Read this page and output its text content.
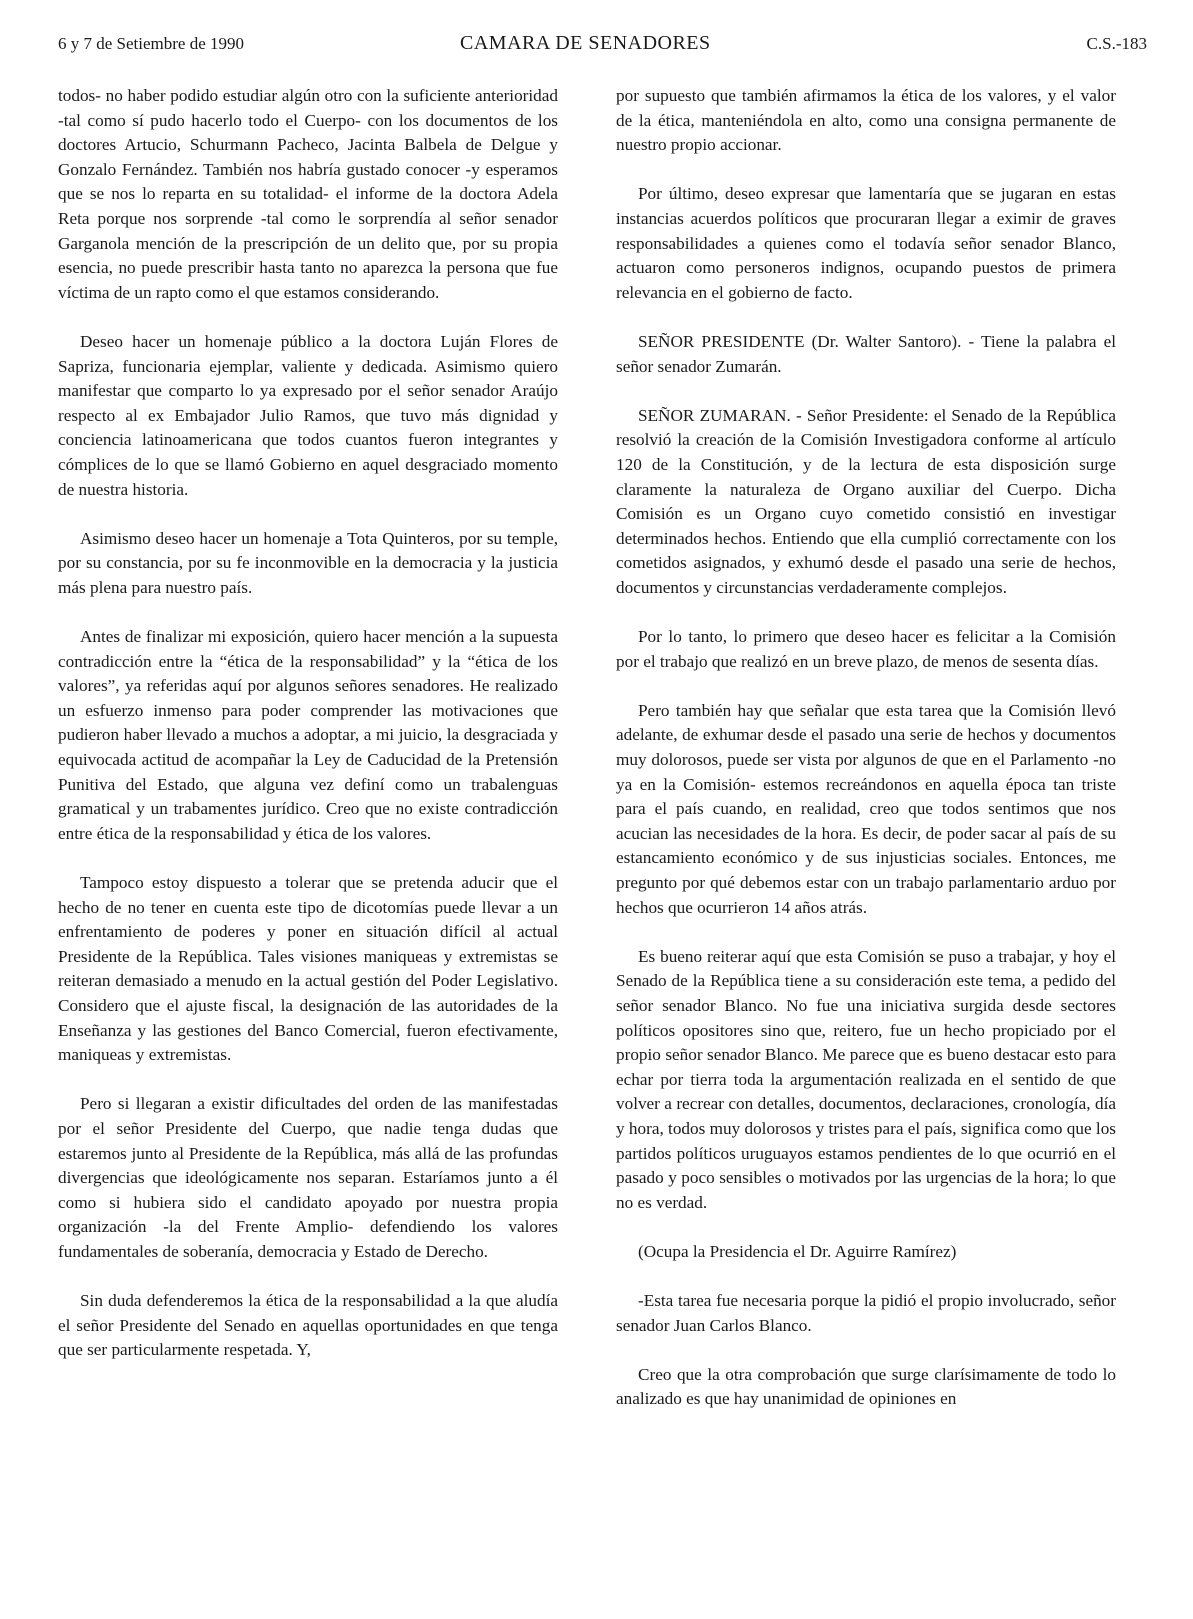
6 y 7 de Setiembre de 1990	CAMARA DE SENADORES	C.S.-183

todos- no haber podido estudiar algún otro con la suficiente anterioridad -tal como sí pudo hacerlo todo el Cuerpo- con los documentos de los doctores Artucio, Schurmann Pacheco, Jacinta Balbela de Delgue y Gonzalo Fernández. También nos habría gustado conocer -y esperamos que se nos lo reparta en su totalidad- el informe de la doctora Adela Reta porque nos sorprende -tal como le sorprendía al señor senador Garganola mención de la prescripción de un delito que, por su propia esencia, no puede prescribir hasta tanto no aparezca la persona que fue víctima de un rapto como el que estamos considerando.

Deseo hacer un homenaje público a la doctora Luján Flores de Sapriza, funcionaria ejemplar, valiente y dedicada. Asimismo quiero manifestar que comparto lo ya expresado por el señor senador Araújo respecto al ex Embajador Julio Ramos, que tuvo más dignidad y conciencia latinoamericana que todos cuantos fueron integrantes y cómplices de lo que se llamó Gobierno en aquel desgraciado momento de nuestra historia.

Asimismo deseo hacer un homenaje a Tota Quinteros, por su temple, por su constancia, por su fe inconmovible en la democracia y la justicia más plena para nuestro país.

Antes de finalizar mi exposición, quiero hacer mención a la supuesta contradicción entre la “ética de la responsabilidad” y la “ética de los valores”, ya referidas aquí por algunos señores senadores. He realizado un esfuerzo inmenso para poder comprender las motivaciones que pudieron haber llevado a muchos a adoptar, a mi juicio, la desgraciada y equivocada actitud de acompañar la Ley de Caducidad de la Pretensión Punitiva del Estado, que alguna vez definí como un trabalenguas gramatical y un trabamentes jurídico. Creo que no existe contradicción entre ética de la responsabilidad y ética de los valores.

Tampoco estoy dispuesto a tolerar que se pretenda aducir que el hecho de no tener en cuenta este tipo de dicotomías puede llevar a un enfrentamiento de poderes y poner en situación difícil al actual Presidente de la República. Tales visiones maniqueas y extremistas se reiteran demasiado a menudo en la actual gestión del Poder Legislativo. Considero que el ajuste fiscal, la designación de las autoridades de la Enseñanza y las gestiones del Banco Comercial, fueron efectivamente, maniqueas y extremistas.

Pero si llegaran a existir dificultades del orden de las manifestadas por el señor Presidente del Cuerpo, que nadie tenga dudas que estaremos junto al Presidente de la República, más allá de las profundas divergencias que ideológicamente nos separan. Estaríamos junto a él como si hubiera sido el candidato apoyado por nuestra propia organización -la del Frente Amplio- defendiendo los valores fundamentales de soberanía, democracia y Estado de Derecho.

Sin duda defenderemos la ética de la responsabilidad a la que aludía el señor Presidente del Senado en aquellas oportunidades en que tenga que ser particularmente respetada. Y,

por supuesto que también afirmamos la ética de los valores, y el valor de la ética, manteniéndola en alto, como una consigna permanente de nuestro propio accionar.

Por último, deseo expresar que lamentaría que se jugaran en estas instancias acuerdos políticos que procuraran llegar a eximir de graves responsabilidades a quienes como el todavía señor senador Blanco, actuaron como personeros indignos, ocupando puestos de primera relevancia en el gobierno de facto.

SEÑOR PRESIDENTE (Dr. Walter Santoro). - Tiene la palabra el señor senador Zumarán.

SEÑOR ZUMARAN. - Señor Presidente: el Senado de la República resolvió la creación de la Comisión Investigadora conforme al artículo 120 de la Constitución, y de la lectura de esta disposición surge claramente la naturaleza de Organo auxiliar del Cuerpo. Dicha Comisión es un Organo cuyo cometido consistió en investigar determinados hechos. Entiendo que ella cumplió correctamente con los cometidos asignados, y exhumó desde el pasado una serie de hechos, documentos y circunstancias verdaderamente complejos.

Por lo tanto, lo primero que deseo hacer es felicitar a la Comisión por el trabajo que realizó en un breve plazo, de menos de sesenta días.

Pero también hay que señalar que esta tarea que la Comisión llevó adelante, de exhumar desde el pasado una serie de hechos y documentos muy dolorosos, puede ser vista por algunos de que en el Parlamento -no ya en la Comisión- estemos recreándonos en aquella época tan triste para el país cuando, en realidad, creo que todos sentimos que nos acucian las necesidades de la hora. Es decir, de poder sacar al país de su estancamiento económico y de sus injusticias sociales. Entonces, me pregunto por qué debemos estar con un trabajo parlamentario arduo por hechos que ocurrieron 14 años atrás.

Es bueno reiterar aquí que esta Comisión se puso a trabajar, y hoy el Senado de la República tiene a su consideración este tema, a pedido del señor senador Blanco. No fue una iniciativa surgida desde sectores políticos opositores sino que, reitero, fue un hecho propiciado por el propio señor senador Blanco. Me parece que es bueno destacar esto para echar por tierra toda la argumentación realizada en el sentido de que volver a recrear con detalles, documentos, declaraciones, cronología, día y hora, todos muy dolorosos y tristes para el país, significa como que los partidos políticos uruguayos estamos pendientes de lo que ocurrió en el pasado y poco sensibles o motivados por las urgencias de la hora; lo que no es verdad.

(Ocupa la Presidencia el Dr. Aguirre Ramírez)

-Esta tarea fue necesaria porque la pidió el propio involucrado, señor senador Juan Carlos Blanco.

Creo que la otra comprobación que surge clarísimamente de todo lo analizado es que hay unanimidad de opiniones en
